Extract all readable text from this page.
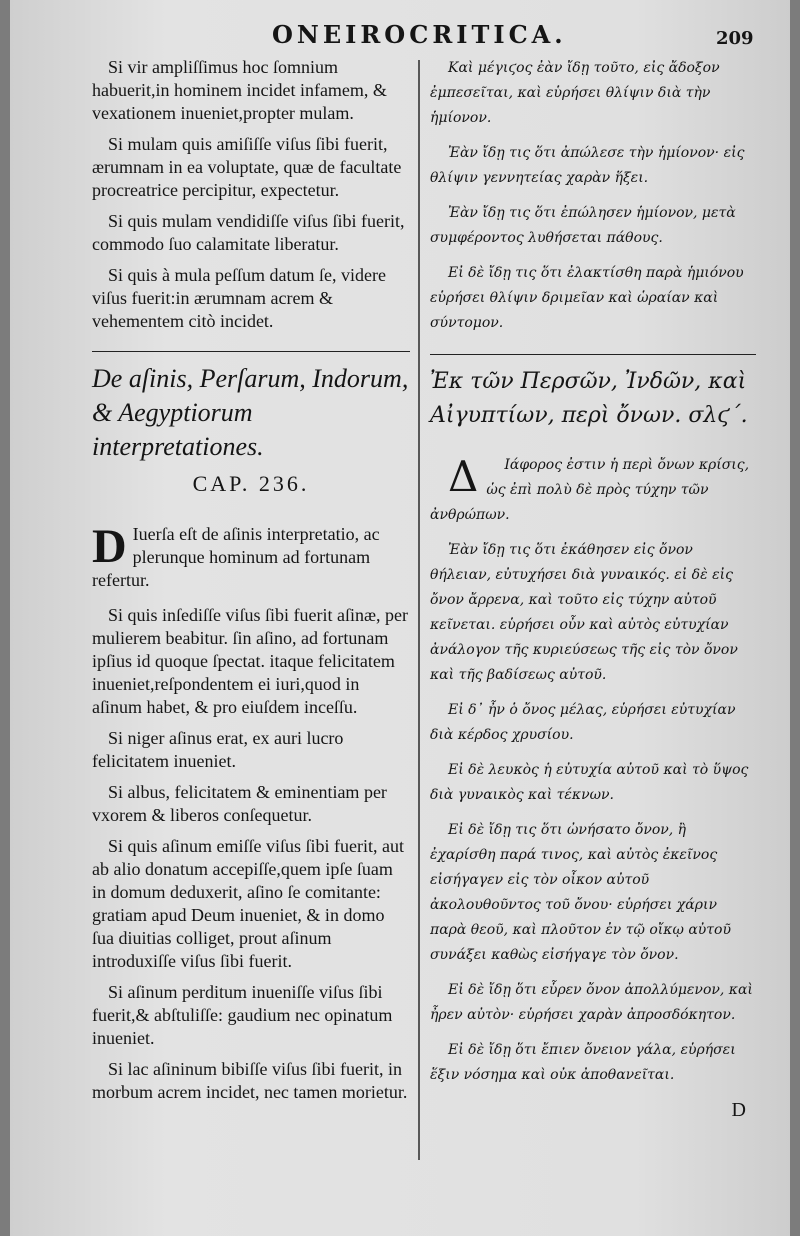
ONEIROCRITICA.	209

Si vir ampliſſimus hoc ſomnium habuerit,in hominem incidet infamem, & vexationem inueniet,propter mulam.

Si mulam quis amiſiſſe viſus ſibi fuerit, ærumnam in ea voluptate, quæ de facultate procreatrice percipitur, expectetur.

Si quis mulam vendidiſſe viſus ſibi fuerit, commodo ſuo calamitate liberatur.

Si quis à mula peſſum datum ſe, videre viſus fuerit:in ærumnam acrem & vehementem citò incidet.

De aſinis, Perſarum, Indorum, & Aegyptiorum interpretationes.
CAP. 236.

D Iuerſa eſt de aſinis interpretatio, ac plerunque hominum ad fortunam refertur.

Si quis inſediſſe viſus ſibi fuerit aſinæ, per mulierem beabitur. ſin aſino, ad fortunam ipſius id quoque ſpectat. itaque felicitatem inueniet,reſpondentem ei iuri,quod in aſinum habet, & pro eiuſdem inceſſu.

Si niger aſinus erat, ex auri lucro felicitatem inueniet.

Si albus, felicitatem & eminentiam per vxorem & liberos conſequetur.

Si quis aſinum emiſſe viſus ſibi fuerit, aut ab alio donatum accepiſſe,quem ipſe ſuam in domum deduxerit, aſino ſe comitante: gratiam apud Deum inueniet, & in domo ſua diuitias colliget, prout aſinum introduxiſſe viſus ſibi fuerit.

Si aſinum perditum inueniſſe viſus ſibi fuerit,& abſtuliſſe: gaudium nec opinatum inueniet.

Si lac aſininum bibiſſe viſus ſibi fuerit, in morbum acrem incidet, nec tamen morietur.

Καὶ μέγιϛος ἐὰν ἴδῃ τοῦτο, εἰς ἄδοξον ἐμπεσεῖται, καὶ εὑρήσει θλίψιν διὰ τὴν ἡμίονον.

Ἐὰν ἴδῃ τις ὅτι ἀπώλεσε τὴν ἡμίονον· εἰς θλίψιν γεννητείας χαρὰν ἥξει.

Ἐὰν ἴδῃ τις ὅτι ἐπώλησεν ἡμίονον, μετὰ συμφέροντος λυθήσεται πάθους.

Εἰ δὲ ἴδῃ τις ὅτι ἐλακτίσθη παρὰ ἡμιόνου εὑρήσει θλίψιν δριμεῖαν καὶ ὡραίαν καὶ σύντομον.

Ἐκ τῶν Περσῶν, Ἰνδῶν, καὶ Αἰγυπτίων, περὶ ὄνων. σλϛ΄.

Δ Ιάφορος ἐστιν ἡ περὶ ὄνων κρίσις, ὡς ἐπὶ πολὺ δὲ πρὸς τύχην τῶν ἀνθρώπων.

Ἐὰν ἴδῃ τις ὅτι ἐκάθησεν εἰς ὄνον θήλειαν, εὐτυχήσει διὰ γυναικός. εἰ δὲ εἰς ὄνον ἄρρενα, καὶ τοῦτο εἰς τύχην αὐτοῦ κεῖνεται. εὑρήσει οὖν καὶ αὐτὸς εὐτυχίαν ἀνάλογον τῆς κυριεύσεως τῆς εἰς τὸν ὄνον καὶ τῆς βαδίσεως αὐτοῦ.

Εἰ δ᾽ ἦν ὁ ὄνος μέλας, εὑρήσει εὐτυχίαν διὰ κέρδος χρυσίου.

Εἰ δὲ λευκὸς ἡ εὐτυχία αὐτοῦ καὶ τὸ ὕψος διὰ γυναικὸς καὶ τέκνων.

Εἰ δὲ ἴδῃ τις ὅτι ὠνήσατο ὄνον, ἢ ἐχαρίσθη παρά τινος, καὶ αὐτὸς ἐκεῖνος εἰσήγαγεν εἰς τὸν οἶκον αὐτοῦ ἀκολουθοῦντος τοῦ ὄνου· εὑρήσει χάριν παρὰ θεοῦ, καὶ πλοῦτον ἐν τῷ οἴκῳ αὐτοῦ συνάξει καθὼς εἰσήγαγε τὸν ὄνον.

Εἰ δὲ ἴδῃ ὅτι εὗρεν ὄνον ἀπολλύμενον, καὶ ἦρεν αὐτὸν· εὑρήσει χαρὰν ἀπροσδόκητον.

Εἰ δὲ ἴδῃ ὅτι ἔπιεν ὄνειον γάλα, εὑρήσει ἕξιν νόσημα καὶ οὐκ ἀποθανεῖται.

D
